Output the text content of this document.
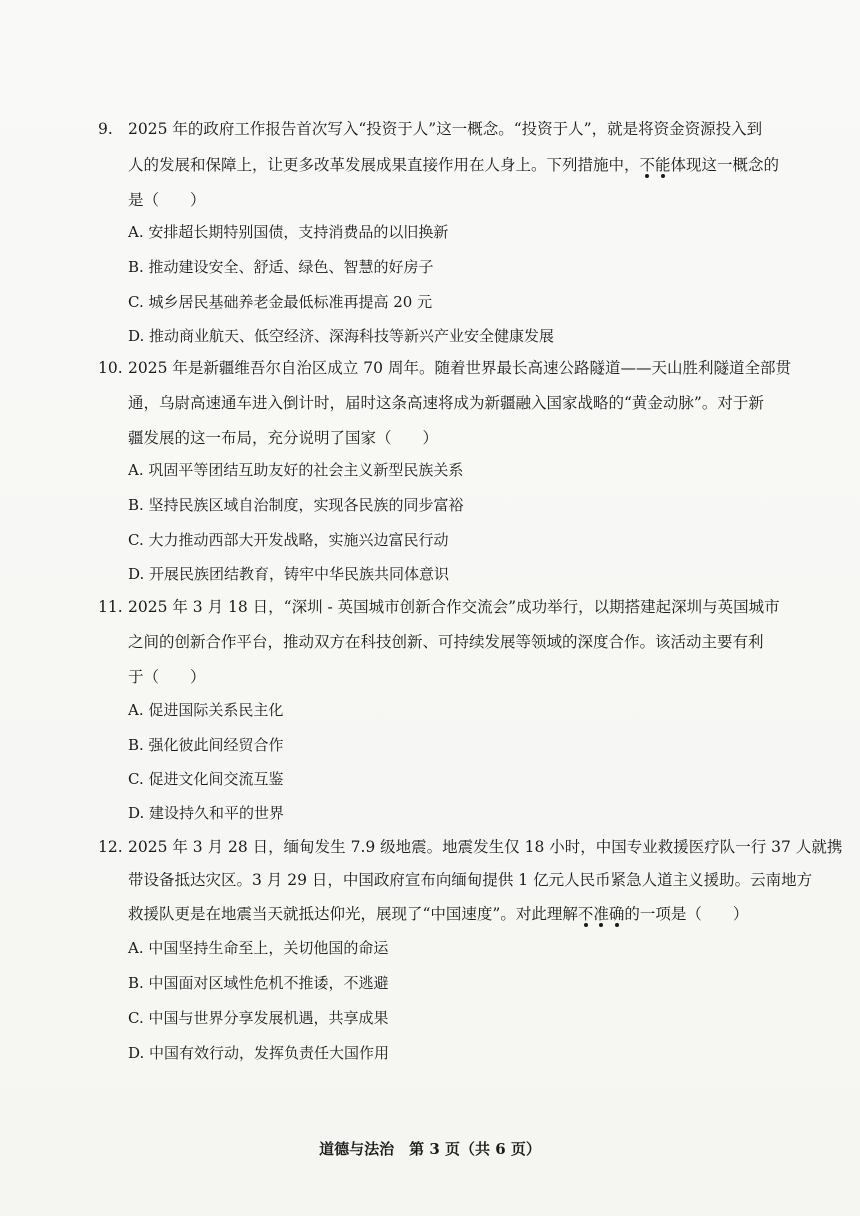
9. 2025 年的政府工作报告首次写入“投资于人”这一概念。“投资于人”，就是将资金资源投入到
人的发展和保障上，让更多改革发展成果直接作用在人身上。下列措施中，不能
体现这一概念的
是（　　）
A. 安排超长期特别国债，支持消费品的以旧换新
B. 推动建设安全、舒适、绿色、智慧的好房子
C. 城乡居民基础养老金最低标准再提高 20 元
D. 推动商业航天、低空经济、深海科技等新兴产业安全健康发展
10. 2025 年是新疆维吾尔自治区成立 70 周年。随着世界最长高速公路隧道——天山胜利隧道全部贯
通，乌尉高速通车进入倒计时，届时这条高速将成为新疆融入国家战略的“黄金动脉”。对于新
疆发展的这一布局，充分说明了国家（　　）
A. 巩固平等团结互助友好的社会主义新型民族关系
B. 坚持民族区域自治制度，实现各民族的同步富裕
C. 大力推动西部大开发战略，实施兴边富民行动
D. 开展民族团结教育，铸牢中华民族共同体意识
11. 2025 年 3 月 18 日，“深圳 - 英国城市创新合作交流会”成功举行，以期搭建起深圳与英国城市
之间的创新合作平台，推动双方在科技创新、可持续发展等领域的深度合作。该活动主要有利
于（　　）
A. 促进国际关系民主化
B. 强化彼此间经贸合作
C. 促进文化间交流互鉴
D. 建设持久和平的世界
12. 2025 年 3 月 28 日，缅甸发生 7.9 级地震。地震发生仅 18 小时，中国专业救援医疗队一行 37 人就携
带设备抵达灾区。3 月 29 日，中国政府宣布向缅甸提供 1 亿元人民币紧急人道主义援助。云南地方
救援队更是在地震当天就抵达仰光，展现了“中国速度”。对此理解不准确
的一项是（　　）
A. 中国坚持生命至上，关切他国的命运
B. 中国面对区域性危机不推诿，不逃避
C. 中国与世界分享发展机遇，共享成果
D. 中国有效行动，发挥负责任大国作用
道德与法治　第 3 页（共 6 页）
